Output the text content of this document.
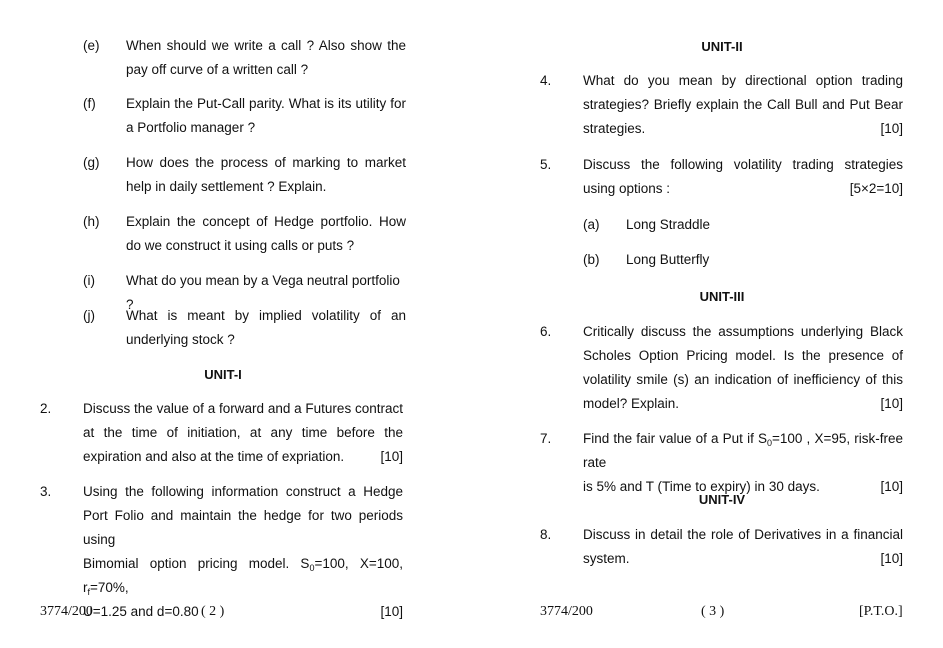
(e) When should we write a call ? Also show the pay off curve of a written call ?
(f) Explain the Put-Call parity. What is its utility for a Portfolio manager ?
(g) How does the process of marking to market help in daily settlement ? Explain.
(h) Explain the concept of Hedge portfolio. How do we construct it using calls or puts ?
(i) What do you mean by a Vega neutral portfolio ?
(j) What is meant by implied volatility of an underlying stock ?
UNIT-I
2. Discuss the value of a forward and a Futures contract at the time of initiation, at any time before the expiration and also at the time of expriation.	[10]
3. Using the following information construct a Hedge Port Folio and maintain the hedge for two periods using
Bimomial option pricing model. $S_0=100$, X=100, $r_f=70\%$,
U=1.25 and d=0.80	[10]
3774/200	( 2 )
UNIT-II
4. What do you mean by directional option trading strategies? Briefly explain the Call Bull and Put Bear strategies.	[10]
5. Discuss the following volatility trading strategies using options :	[5×2=10]
(a) Long Straddle
(b) Long Butterfly
UNIT-III
6. Critically discuss the assumptions underlying Black Scholes Option Pricing model. Is the presence of volatility smile (s) an indication of inefficiency of this model? Explain.	[10]
7. Find the fair value of a Put if $S_0=100$ , X=95, risk-free rate
is 5% and T (Time to expiry) in 30 days.	[10]
UNIT-IV
8. Discuss in detail the role of Derivatives in a financial system.	[10]
3774/200	( 3 )	[P.T.O.]
